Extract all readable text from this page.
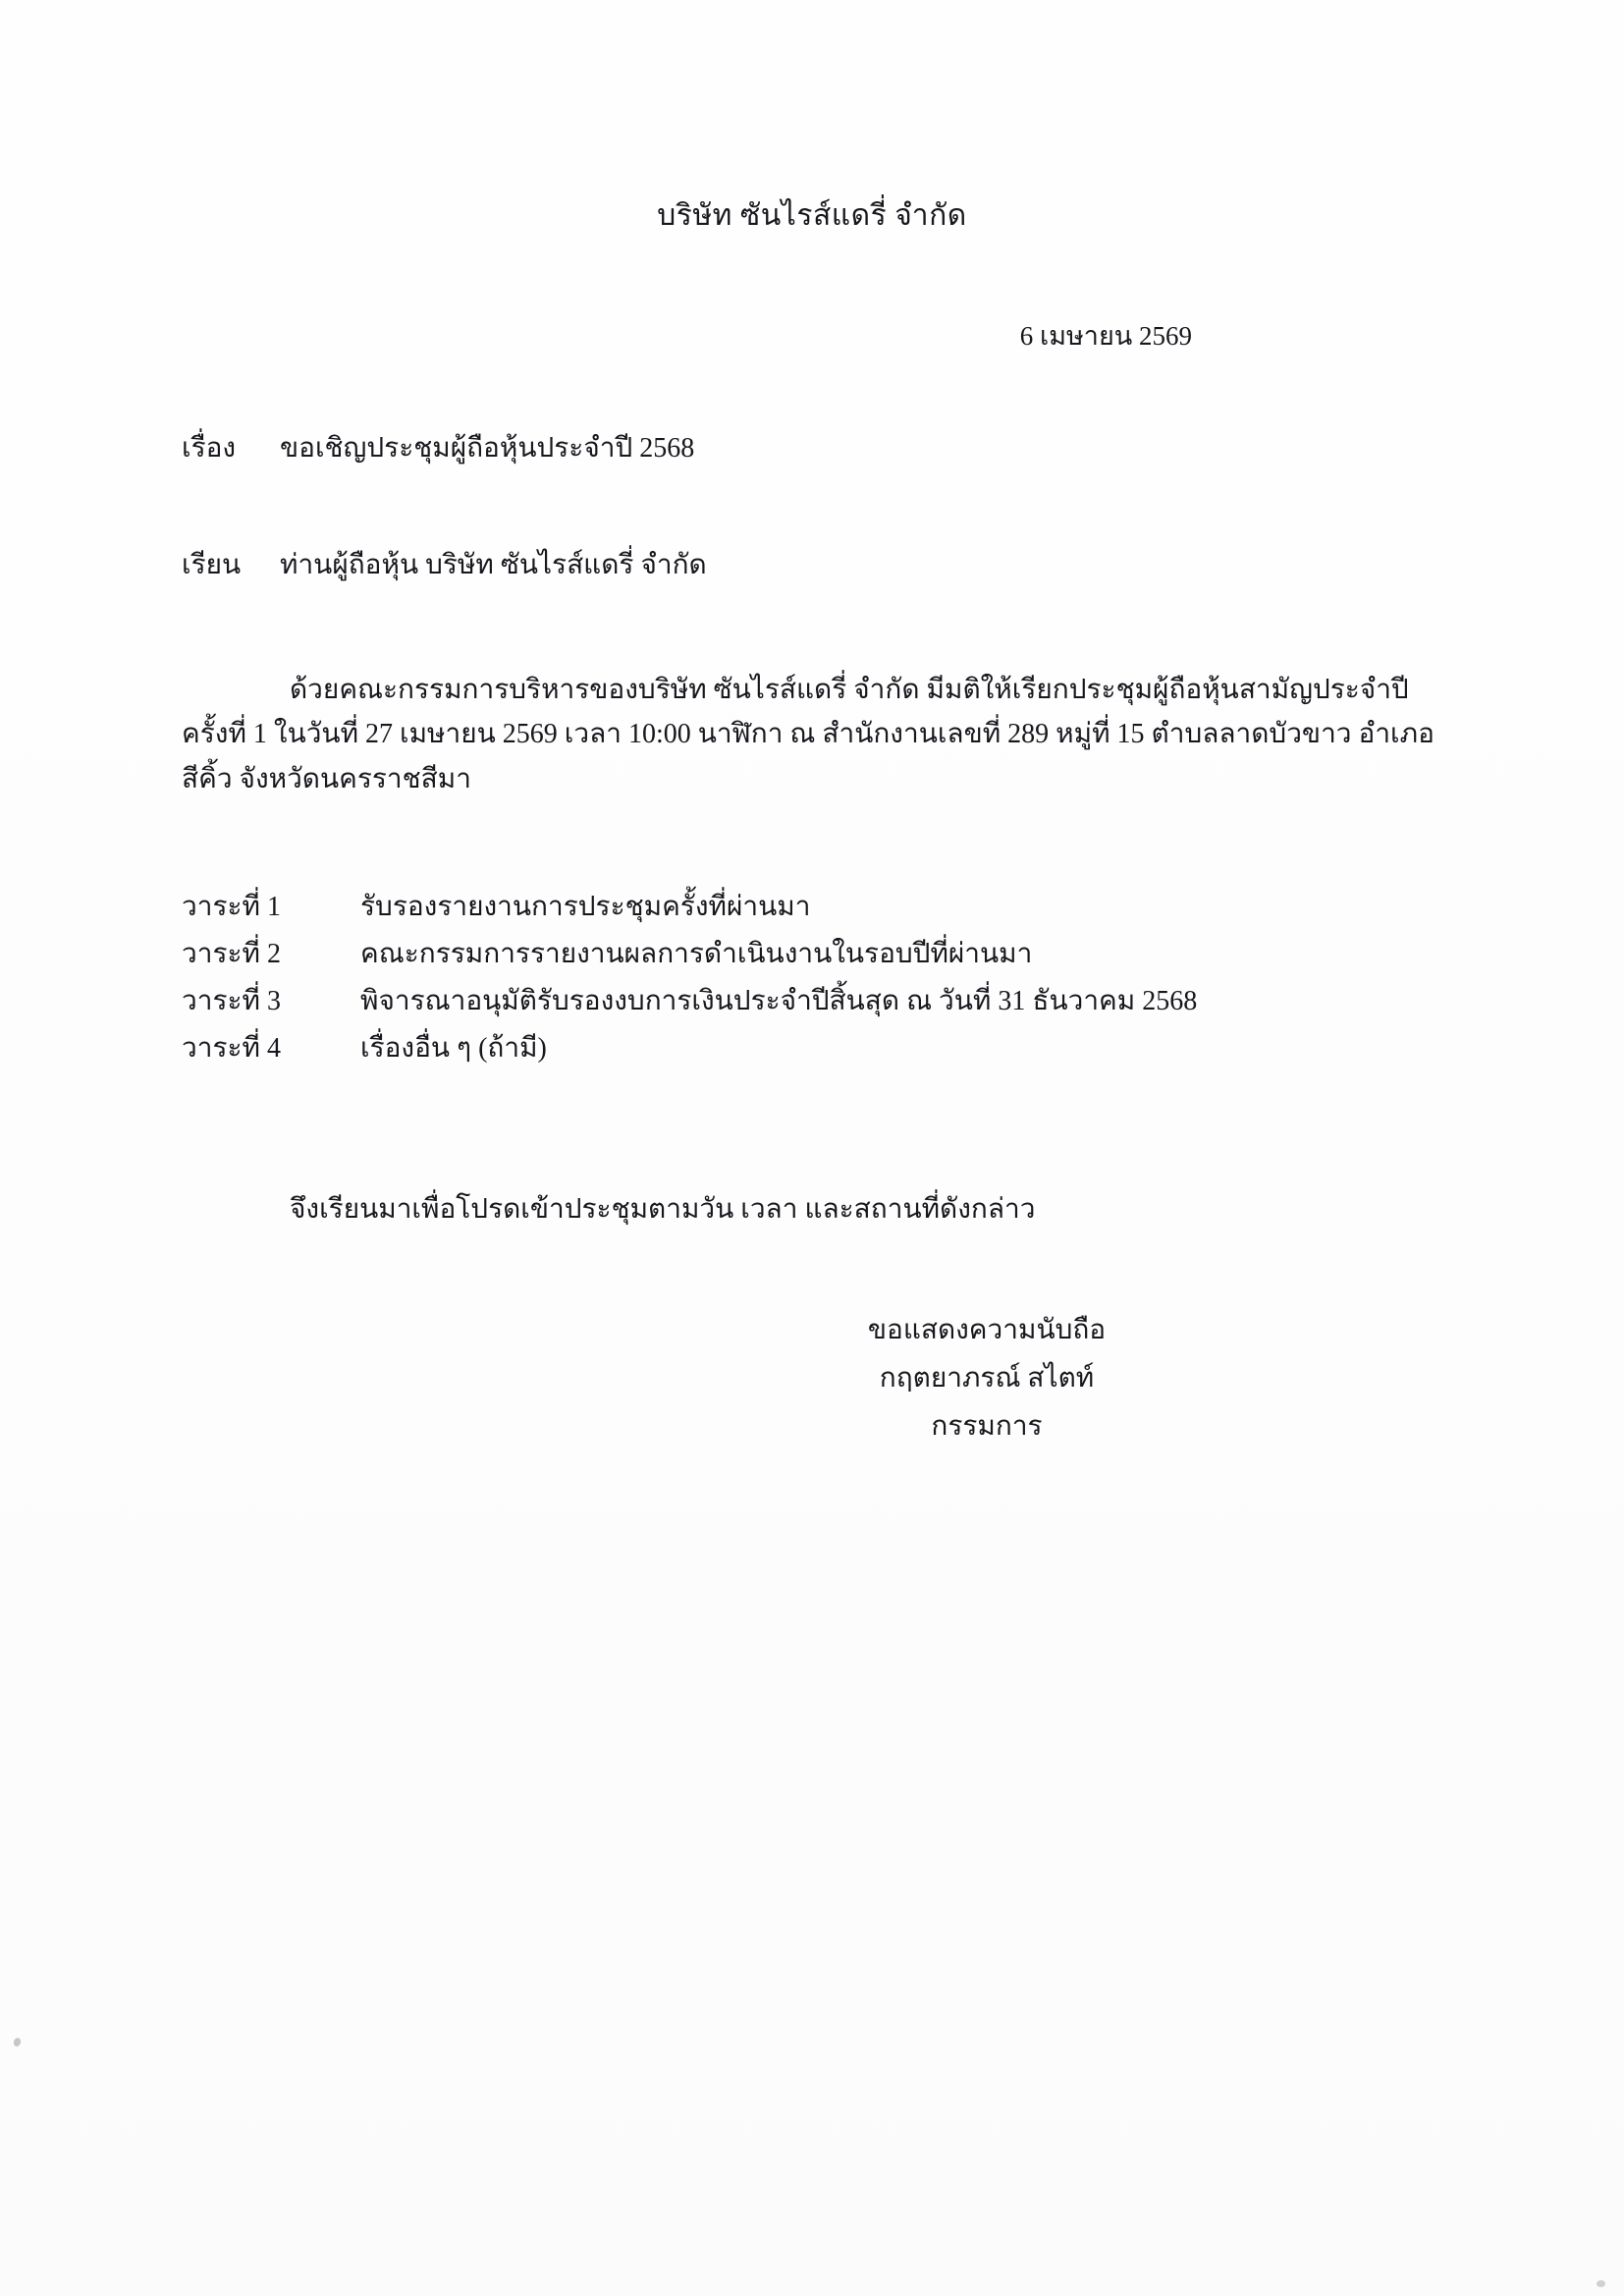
บริษัท ซันไรส์แดรี่ จำกัด
6 เมษายน 2569
เรื่อง ขอเชิญประชุมผู้ถือหุ้นประจำปี 2568
เรียน ท่านผู้ถือหุ้น บริษัท ซันไรส์แดรี่ จำกัด
ด้วยคณะกรรมการบริหารของบริษัท ซันไรส์แดรี่ จำกัด มีมติให้เรียกประชุมผู้ถือหุ้นสามัญประจำปี ครั้งที่ 1 ในวันที่ 27 เมษายน 2569 เวลา 10:00 นาฬิกา ณ สำนักงานเลขที่ 289 หมู่ที่ 15 ตำบลลาดบัวขาว อำเภอสีคิ้ว จังหวัดนครราชสีมา
วาระที่ 1	รับรองรายงานการประชุมครั้งที่ผ่านมา
วาระที่ 2	คณะกรรมการรายงานผลการดำเนินงานในรอบปีที่ผ่านมา
วาระที่ 3	พิจารณาอนุมัติรับรองงบการเงินประจำปีสิ้นสุด ณ วันที่ 31 ธันวาคม 2568
วาระที่ 4	เรื่องอื่น ๆ (ถ้ามี)
จึงเรียนมาเพื่อโปรดเข้าประชุมตามวัน เวลา และสถานที่ดังกล่าว
ขอแสดงความนับถือ
กฤตยาภรณ์ สไตท์
กรรมการ
